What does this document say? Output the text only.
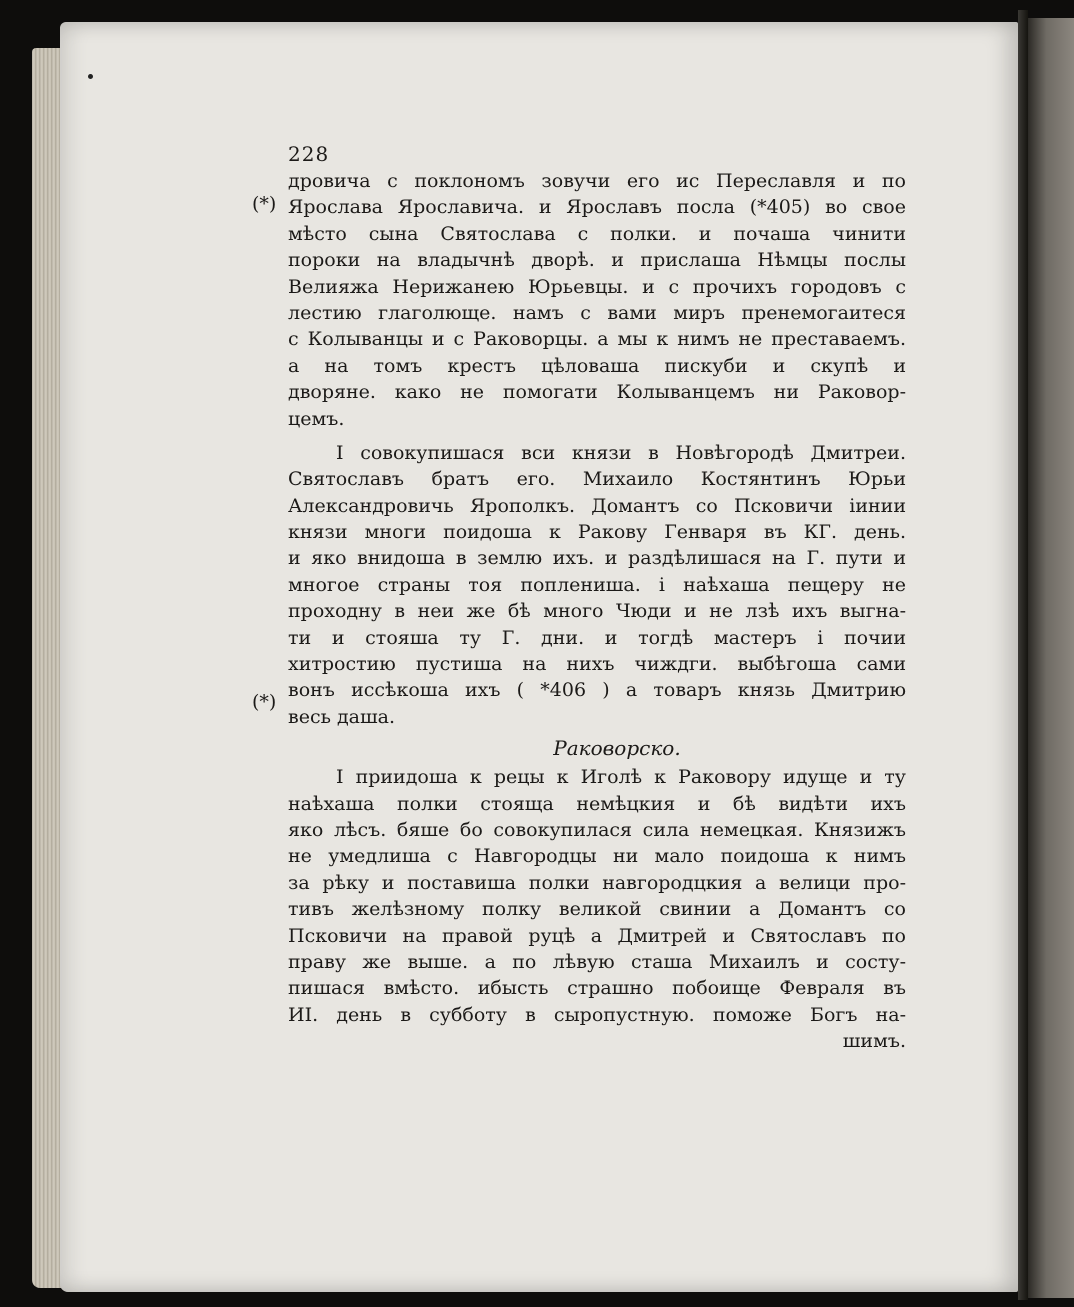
228
(*)
(*)
дровича с поклономъ зовучи его ис Переславля и по
Ярослава Ярославича. и Ярославъ посла (*405) во свое
мѣсто сына Святослава с полки. и почаша чинити
пороки на владычнѣ дворѣ. и прислаша Нѣмцы послы
Велияжа Нерижанею Юрьевцы. и с прочихъ городовъ с
лестию глаголюще. намъ с вами миръ пренемогаитеся
с Колыванцы и с Раковорцы. а мы к нимъ не преставаемъ.
а на томъ крестъ цѣловаша пискуби и скупѣ и
дворяне. како не помогати Колыванцемъ ни Раковор-
цемъ.
І совокупишася вси князи в Новѣгородѣ Дмитреи.
Святославъ братъ его. Михаило Костянтинъ Юрьи
Александровичь Ярополкъ. Домантъ со Псковичи іинии
князи многи поидоша к Ракову Генваря въ КГ. день.
и яко внидоша в землю ихъ. и раздѣлишася на Г. пути и
многое страны тоя поплениша. і наѣхаша пещеру не
проходну в неи же бѣ много Чюди и не лзѣ ихъ выгна-
ти и стояша ту Г. дни. и тогдѣ мастеръ і почии
хитростию пустиша на нихъ чиждги. выбѣгоша сами
вонъ иссѣкоша ихъ ( *406 ) а товаръ князь Дмитрию
весь даша.
Раковорско.
І приидоша к рецы к Иголѣ к Раковору идуще и ту
наѣхаша полки стояща немѣцкия и бѣ видѣти ихъ
яко лѣсъ. бяше бо совокупилася сила немецкая. Князижъ
не умедлиша с Навгородцы ни мало поидоша к нимъ
за рѣку и поставиша полки навгородцкия а велици про-
тивъ желѣзному полку великой свинии а Домантъ со
Псковичи на правой руцѣ а Дмитрей и Святославъ по
праву же выше. а по лѣвую сташа Михаилъ и состу-
пишася вмѣсто. ибысть страшно побоище Февраля въ
ИІ. день в субботу в сыропустную. поможе Богъ на-
шимъ.
